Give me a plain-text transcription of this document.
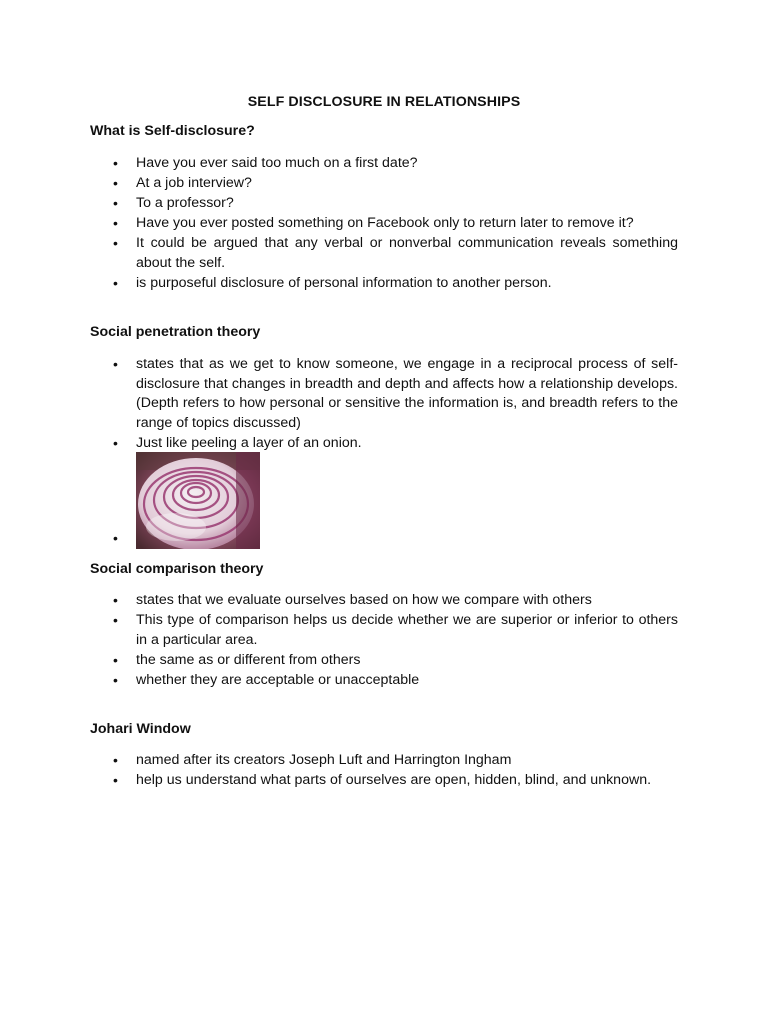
SELF DISCLOSURE IN RELATIONSHIPS
What is Self-disclosure?
• Have you ever said too much on a first date?
• At a job interview?
• To a professor?
• Have you ever posted something on Facebook only to return later to remove it?
• It could be argued that any verbal or nonverbal communication reveals something about the self.
• is purposeful disclosure of personal information to another person.
Social penetration theory
• states that as we get to know someone, we engage in a reciprocal process of self-disclosure that changes in breadth and depth and affects how a relationship develops. (Depth refers to how personal or sensitive the information is, and breadth refers to the range of topics discussed)
• Just like peeling a layer of an onion.
•
Social comparison theory
• states that we evaluate ourselves based on how we compare with others
• This type of comparison helps us decide whether we are superior or inferior to others in a particular area.
• the same as or different from others
• whether they are acceptable or unacceptable
Johari Window
• named after its creators Joseph Luft and Harrington Ingham
• help us understand what parts of ourselves are open, hidden, blind, and unknown.
